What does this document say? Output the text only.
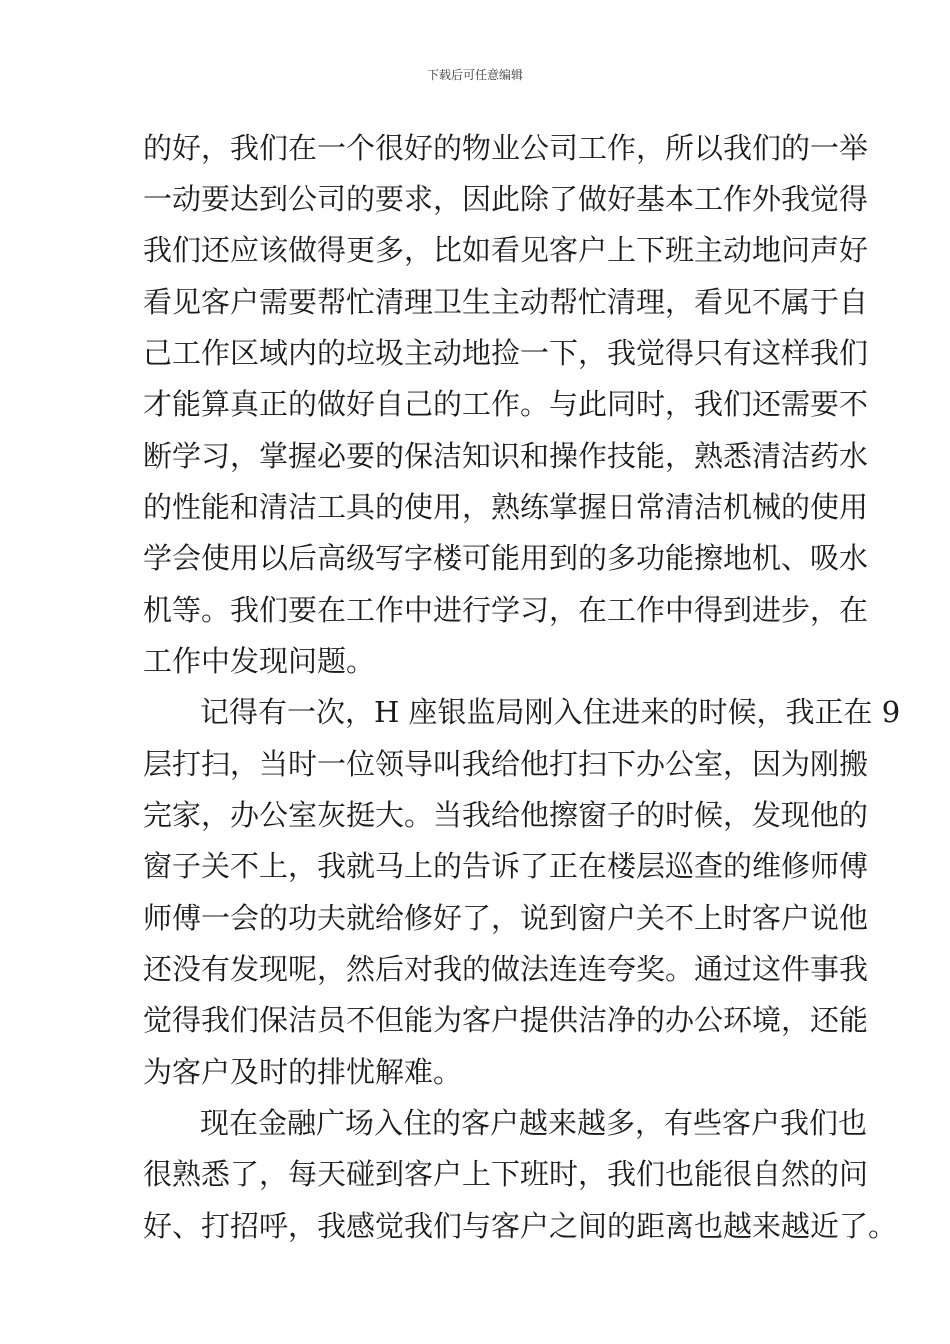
下载后可任意编辑
的好，我们在一个很好的物业公司工作，所以我们的一举
一动要达到公司的要求，因此除了做好基本工作外我觉得
我们还应该做得更多，比如看见客户上下班主动地问声好
看见客户需要帮忙清理卫生主动帮忙清理，看见不属于自
己工作区域内的垃圾主动地捡一下，我觉得只有这样我们
才能算真正的做好自己的工作。与此同时，我们还需要不
断学习，掌握必要的保洁知识和操作技能，熟悉清洁药水
的性能和清洁工具的使用，熟练掌握日常清洁机械的使用
学会使用以后高级写字楼可能用到的多功能擦地机、吸水
机等。我们要在工作中进行学习，在工作中得到进步，在
工作中发现问题。
记得有一次，H 座银监局刚入住进来的时候，我正在 9
层打扫，当时一位领导叫我给他打扫下办公室，因为刚搬
完家，办公室灰挺大。当我给他擦窗子的时候，发现他的
窗子关不上，我就马上的告诉了正在楼层巡查的维修师傅
师傅一会的功夫就给修好了，说到窗户关不上时客户说他
还没有发现呢，然后对我的做法连连夸奖。通过这件事我
觉得我们保洁员不但能为客户提供洁净的办公环境，还能
为客户及时的排忧解难。
现在金融广场入住的客户越来越多，有些客户我们也
很熟悉了，每天碰到客户上下班时，我们也能很自然的问
好、打招呼，我感觉我们与客户之间的距离也越来越近了。
